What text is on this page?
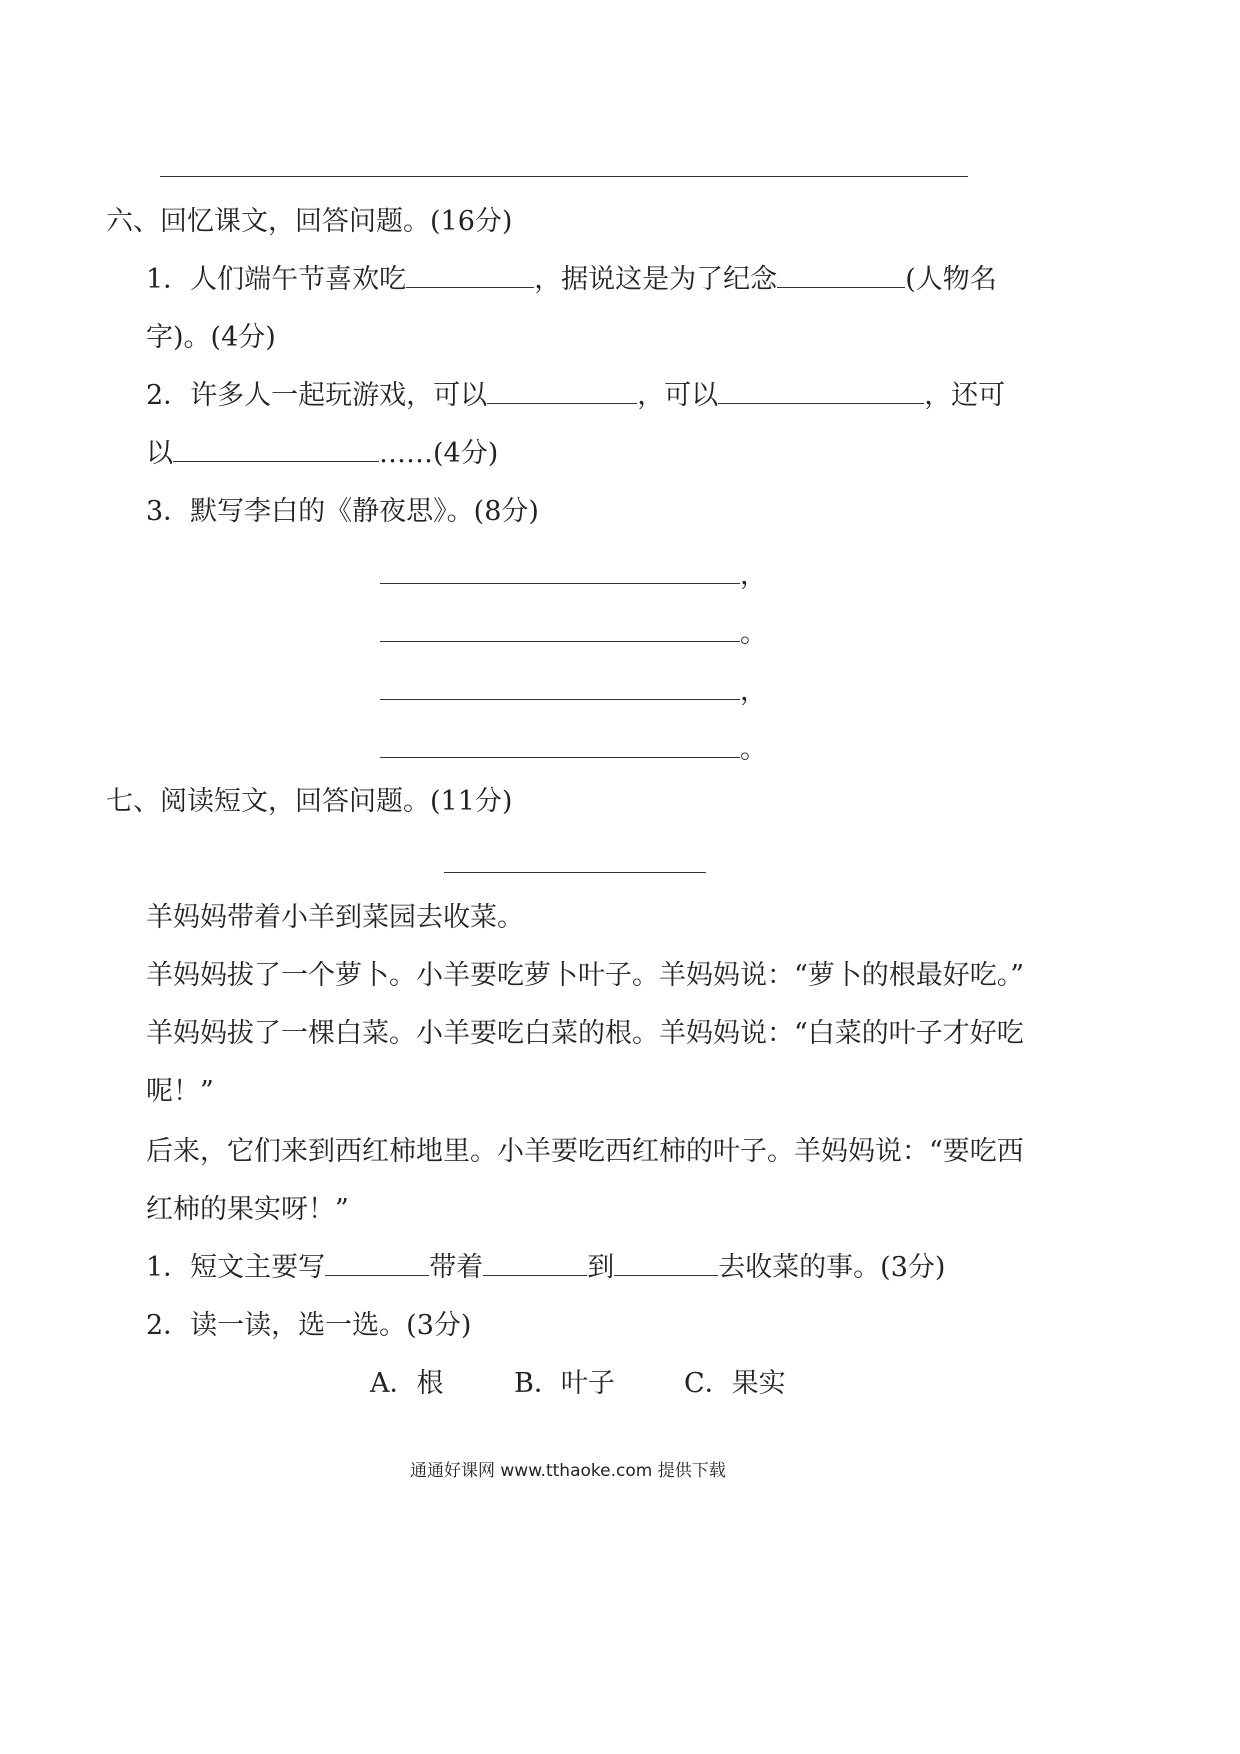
六、回忆课文，回答问题。(16分)
1．人们端午节喜欢吃	，据说这是为了纪念	(人物名
字)。(4分)
2．许多人一起玩游戏，可以	，可以	，还可
以	……(4分)
3．默写李白的《静夜思》。(8分)
，
。
，
。
七、阅读短文，回答问题。(11分)
羊妈妈带着小羊到菜园去收菜。
羊妈妈拔了一个萝卜。小羊要吃萝卜叶子。羊妈妈说：“萝卜的根最好吃。”
羊妈妈拔了一棵白菜。小羊要吃白菜的根。羊妈妈说：“白菜的叶子才好吃
呢！”
后来，它们来到西红柿地里。小羊要吃西红柿的叶子。羊妈妈说：“要吃西
红柿的果实呀！”
1．短文主要写	带着	到	去收菜的事。(3分)
2．读一读，选一选。(3分)
A．根	B．叶子	C．果实
通通好课网 www.tthaoke.com 提供下载
